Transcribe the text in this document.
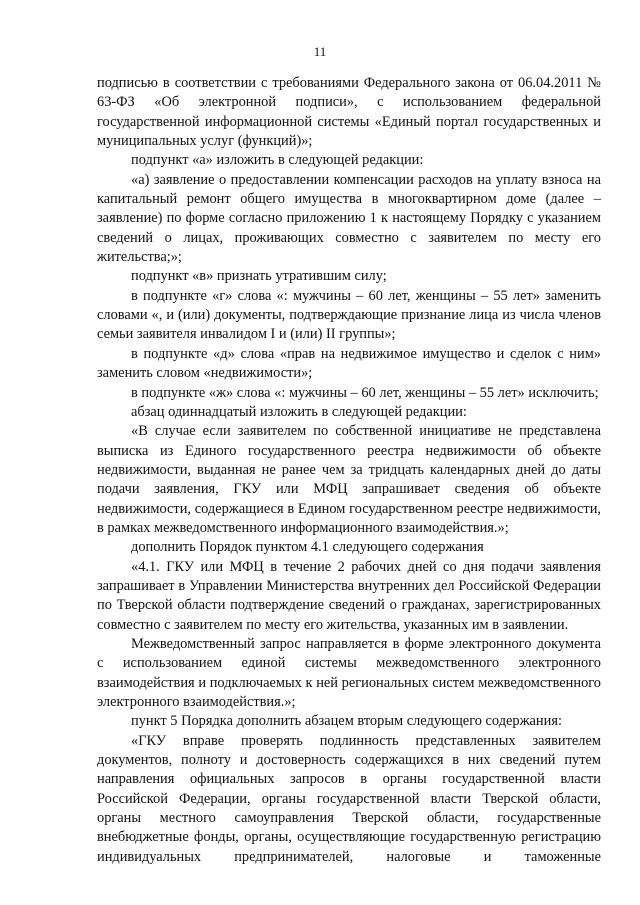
11

подписью в соответствии с требованиями Федерального закона от 06.04.2011 № 63-ФЗ «Об электронной подписи», с использованием федеральной государственной информационной системы «Единый портал государственных и муниципальных услуг (функций)»;

подпункт «а» изложить в следующей редакции:

«а) заявление о предоставлении компенсации расходов на уплату взноса на капитальный ремонт общего имущества в многоквартирном доме (далее – заявление) по форме согласно приложению 1 к настоящему Порядку с указанием сведений о лицах, проживающих совместно с заявителем по месту его жительства;»;

подпункт «в» признать утратившим силу;

в подпункте «г» слова «: мужчины – 60 лет, женщины – 55 лет» заменить словами «, и (или) документы, подтверждающие признание лица из числа членов семьи заявителя инвалидом I и (или) II группы»;

в подпункте «д» слова «прав на недвижимое имущество и сделок с ним» заменить словом «недвижимости»;

в подпункте «ж» слова «: мужчины – 60 лет, женщины – 55 лет» исключить;

абзац одиннадцатый изложить в следующей редакции:

«В случае если заявителем по собственной инициативе не представлена выписка из Единого государственного реестра недвижимости об объекте недвижимости, выданная не ранее чем за тридцать календарных дней до даты подачи заявления, ГКУ или МФЦ запрашивает сведения об объекте недвижимости, содержащиеся в Едином государственном реестре недвижимости, в рамках межведомственного информационного взаимодействия.»;

дополнить Порядок пунктом 4.1 следующего содержания

«4.1. ГКУ или МФЦ в течение 2 рабочих дней со дня подачи заявления запрашивает в Управлении Министерства внутренних дел Российской Федерации по Тверской области подтверждение сведений о гражданах, зарегистрированных совместно с заявителем по месту его жительства, указанных им в заявлении.

Межведомственный запрос направляется в форме электронного документа с использованием единой системы межведомственного электронного взаимодействия и подключаемых к ней региональных систем межведомственного электронного взаимодействия.»;

пункт 5 Порядка дополнить абзацем вторым следующего содержания:

«ГКУ вправе проверять подлинность представленных заявителем документов, полноту и достоверность содержащихся в них сведений путем направления официальных запросов в органы государственной власти Российской Федерации, органы государственной власти Тверской области, органы местного самоуправления Тверской области, государственные внебюджетные фонды, органы, осуществляющие государственную регистрацию индивидуальных предпринимателей, налоговые и таможенные
